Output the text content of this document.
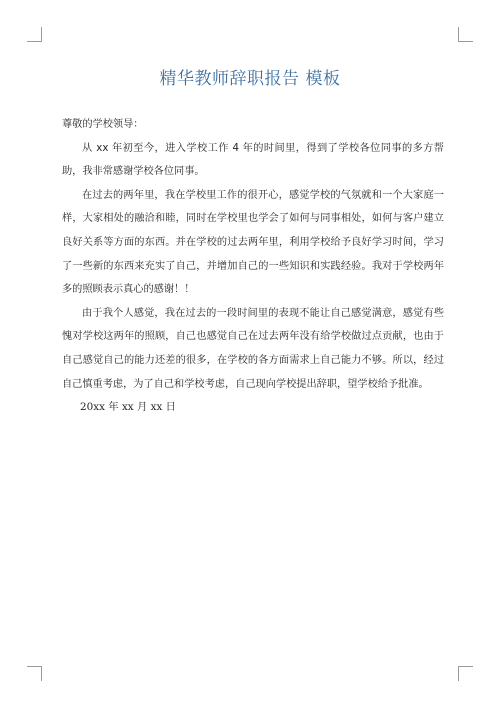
精华教师辞职报告 模板

尊敬的学校领导：

从 xx 年初至今，进入学校工作 4 年的时间里，得到了学校各位同事的多方帮助，我非常感谢学校各位同事。

在过去的两年里，我在学校里工作的很开心，感觉学校的气氛就和一个大家庭一样，大家相处的融洽和睦，同时在学校里也学会了如何与同事相处，如何与客户建立良好关系等方面的东西。并在学校的过去两年里，利用学校给予良好学习时间，学习了一些新的东西来充实了自己，并增加自己的一些知识和实践经验。我对于学校两年多的照顾表示真心的感谢！！

由于我个人感觉，我在过去的一段时间里的表现不能让自己感觉满意，感觉有些愧对学校这两年的照顾，自己也感觉自己在过去两年没有给学校做过点贡献，也由于自己感觉自己的能力还差的很多，在学校的各方面需求上自己能力不够。所以，经过自己慎重考虑，为了自己和学校考虑，自己现向学校提出辞职，望学校给予批准。

20xx 年 xx 月 xx 日
